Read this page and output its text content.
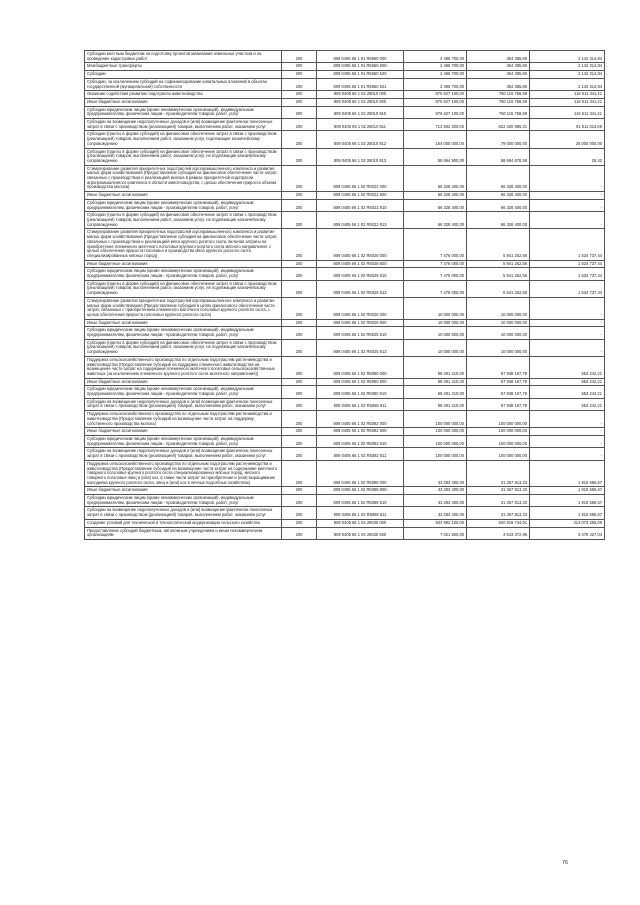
Субсидии местным бюджетам на подготовку проектов межевания земельных участков и на проведение кадастровых работ	200	809 0405 66 1 01 R5660 000	2 496 700,00	354 385,86	2 142 314,84
Межбюджетные трансферты	200	809 0405 66 1 01 R5660 500	2 496 700,00	354 385,86	2 142 314,84
Субсидии	200	809 0405 66 1 01 R5660 520	2 496 700,00	354 385,86	2 142 314,84
Субсидии, за исключением субсидий на софинансирование капитальных вложений в объекты государственной (муниципальной) собственности	200	809 0405 66 1 01 R5660 521	2 496 700,00	354 385,86	2 142 314,84
Оказание содействия развитию подотрасли животноводства	200	809 0405 66 1 02 28010 000	876 627 100,00	760 115 758,59	116 511 341,41
Иные бюджетные ассигнования	200	809 0405 66 1 02 28010 800	876 627 100,00	760 115 758,59	116 511 341,41
Субсидии юридическим лицам (кроме некоммерческих организаций), индивидуальным предпринимателям, физическим лицам - производителям товаров, работ, услуг	200	809 0405 66 1 02 28010 810	876 627 100,00	760 115 758,59	116 511 341,41
Субсидии на возмещение недополученных доходов и (или) возмещение фактически понесенных затрат в связи с производством (реализацией) товаров, выполнением работ, оказанием услуг	200	809 0405 66 1 02 28010 811	713 932 200,00	622 420 886,31	91 511 313,69
Субсидии (гранты в форме субсидий) на финансовое обеспечение затрат в связи с производством (реализацией) товаров, выполнением работ, оказанием услуг, подлежащие казначейскому сопровождению	200	809 0405 66 1 02 28010 812	164 000 000,00	79 000 000,00	25 000 000,00
Субсидии (гранты в форме субсидий) на финансовое обеспечение затрат в связи с производством (реализацией) товаров, выполнением работ, оказанием услуг, не подлежащие казначейскому сопровождению	200	809 0405 66 1 02 28010 813	58 694 900,00	58 694 878,58	28,42
Стимулирование развития приоритетных подотраслей агропромышленного комплекса и развитие малых форм хозяйствования (Предоставление субсидий на финансовое обеспечение части затрат, связанных с производством и реализацией молока в рамках приоритетной подотрасли агропромышленного комплекса в области животноводства, с целью обеспечения прироста объема производства молока)	200	809 0405 66 1 02 R5022 000	66 328 400,00	66 328 400,00	-
Иные бюджетные ассигнования	200	809 0405 66 1 02 R5022 800	66 328 400,00	66 328 400,00	-
Субсидии юридическим лицам (кроме некоммерческих организаций), индивидуальным предпринимателям, физическим лицам - производителям товаров, работ, услуг	200	809 0405 66 1 02 R5022 810	66 328 400,00	66 328 400,00	-
Субсидии (гранты в форме субсидий) на финансовое обеспечение затрат в связи с производством (реализацией) товаров, выполнением работ, оказанием услуг, не подлежащие казначейскому сопровождению	200	809 0405 66 1 02 R5022 813	66 328 400,00	66 328 400,00	-
Стимулирование развития приоритетных подотраслей агропромышленного комплекса и развитие малых форм хозяйствования (Предоставление субсидий на финансовое обеспечение части затрат, связанных с производством и реализацией мяса крупного рогатого скота, включая затраты на приобретение племенного маточного поголовья крупного рогатого скота мясного направления, с целью обеспечения прироста поголовья и производства мяса крупного рогатого скота специализированных мясных пород)	200	809 0405 66 1 02 R5028 000	7 476 000,00	5 941 262,56	1 534 737,44
Иные бюджетные ассигнования	200	809 0405 66 1 02 R5028 800	7 476 000,00	5 941 262,56	1 534 737,44
Субсидии юридическим лицам (кроме некоммерческих организаций), индивидуальным предпринимателям, физическим лицам - производителям товаров, работ, услуг	200	809 0405 66 1 02 R5028 810	7 476 000,00	5 941 262,56	1 534 737,44
Субсидии (гранты в форме субсидий) на финансовое обеспечение затрат в связи с производством (реализацией) товаров, выполнением работ, оказанием услуг, не подлежащие казначейскому сопровождению	200	809 0405 66 1 02 R5028 813	7 476 000,00	5 941 262,56	1 534 737,44
Стимулирование развития приоритетных подотраслей агропромышленного комплекса и развитие малых форм хозяйствования (Предоставление субсидий в целях финансового обеспечения части затрат, связанных с приобретением племенного маточного поголовья крупного рогатого скота, с целью обеспечения прироста поголовья крупного рогатого скота)	200	809 0405 66 1 02 R5025 000	10 000 000,00	10 000 000,00	-
Иные бюджетные ассигнования	200	809 0405 66 1 02 R5025 800	10 000 000,00	10 000 000,00	-
Субсидии юридическим лицам (кроме некоммерческих организаций), индивидуальным предпринимателям, физическим лицам - производителям товаров, работ, услуг	200	809 0405 66 1 02 R5025 810	10 000 000,00	10 000 000,00	-
Субсидии (гранты в форме субсидий) на финансовое обеспечение затрат в связи с производством (реализацией) товаров, выполнением работ, оказанием услуг, не подлежащие казначейскому сопровождению	200	809 0405 66 1 02 R5025 813	10 000 000,00	10 000 000,00	-
Поддержка сельскохозяйственного производства по отдельным подотраслям растениеводства и животноводства (Предоставление субсидий на поддержку племенного животноводства на возмещение части затрат на содержание племенного маточного поголовья сельскохозяйственных животных (за исключением племенного крупного рогатого скота молочного направления))	200	809 0405 66 1 02 R5080 000	58 491 410,00	57 938 167,79	553 242,21
Иные бюджетные ассигнования	200	809 0405 66 1 02 R5080 800	58 491 410,00	57 938 167,79	553 242,21
Субсидии юридическим лицам (кроме некоммерческих организаций), индивидуальным предпринимателям, физическим лицам - производителям товаров, работ, услуг	200	809 0405 66 1 02 R5080 810	58 491 410,00	57 938 167,79	553 242,21
Субсидии на возмещение недополученных доходов и (или) возмещение фактически понесенных затрат в связи с производством (реализацией) товаров, выполнением работ, оказанием услуг	200	809 0405 66 1 02 R5080 811	58 491 410,00	57 938 167,79	553 242,21
Поддержка сельскохозяйственного производства по отдельным подотраслям растениеводства и животноводства (Предоставление субсидий на возмещение части затрат на поддержку собственного производства молока)	200	809 0405 66 1 02 R5082 000	100 000 000,00	100 000 000,00	-
Иные бюджетные ассигнования	200	809 0405 66 1 02 R5082 800	100 000 000,00	100 000 000,00	-
Субсидии юридическим лицам (кроме некоммерческих организаций), индивидуальным предпринимателям, физическим лицам - производителям товаров, работ, услуг	200	809 0405 66 1 02 R5082 810	100 000 000,00	100 000 000,00	-
Субсидии на возмещение недополученных доходов и (или) возмещение фактически понесенных затрат в связи с производством (реализацией) товаров, выполнением работ, оказанием услуг	200	809 0405 66 1 02 R5082 811	100 000 000,00	100 000 000,00	-
Поддержка сельскохозяйственного производства по отдельным подотраслям растениеводства и животноводства (Предоставление субсидий на возмещение части затрат на содержание маточного товарного поголовья крупного рогатого скота специализированных мясных пород, мясного товарного поголовья овец и (или) коз, а также части затрат на приобретение и (или) выращивание молодняка крупного рогатого скота, овец и (или) коз в личных подсобных хозяйствах)	200	809 0405 66 1 02 R5088 000	33 283 400,00	31 367 813,33	1 915 586,67
Иные бюджетные ассигнования	200	809 0405 66 1 02 R5088 800	33 283 400,00	31 367 813,33	1 915 586,67
Субсидии юридическим лицам (кроме некоммерческих организаций), индивидуальным предпринимателям, физическим лицам - производителям товаров, работ, услуг	200	809 0405 66 1 02 R5088 810	33 283 400,00	31 367 813,33	1 915 586,67
Субсидии на возмещение недополученных доходов и (или) возмещение фактически понесенных затрат в связи с производством (реализацией) товаров, выполнением работ, оказанием услуг	200	809 0405 66 1 02 R5088 811	33 283 400,00	31 367 813,33	1 915 586,67
Создание условий для технической и технологической модернизации сельского хозяйства	200	809 0405 66 1 04 28030 000	933 992 100,00	620 918 744,91	313 073 355,09
Предоставление субсидий бюджетным, автономным учреждениям и иным некоммерческим организациям	200	809 0405 66 1 04 28030 600	7 021 800,00	3 543 372,96	3 478 427,04
76
